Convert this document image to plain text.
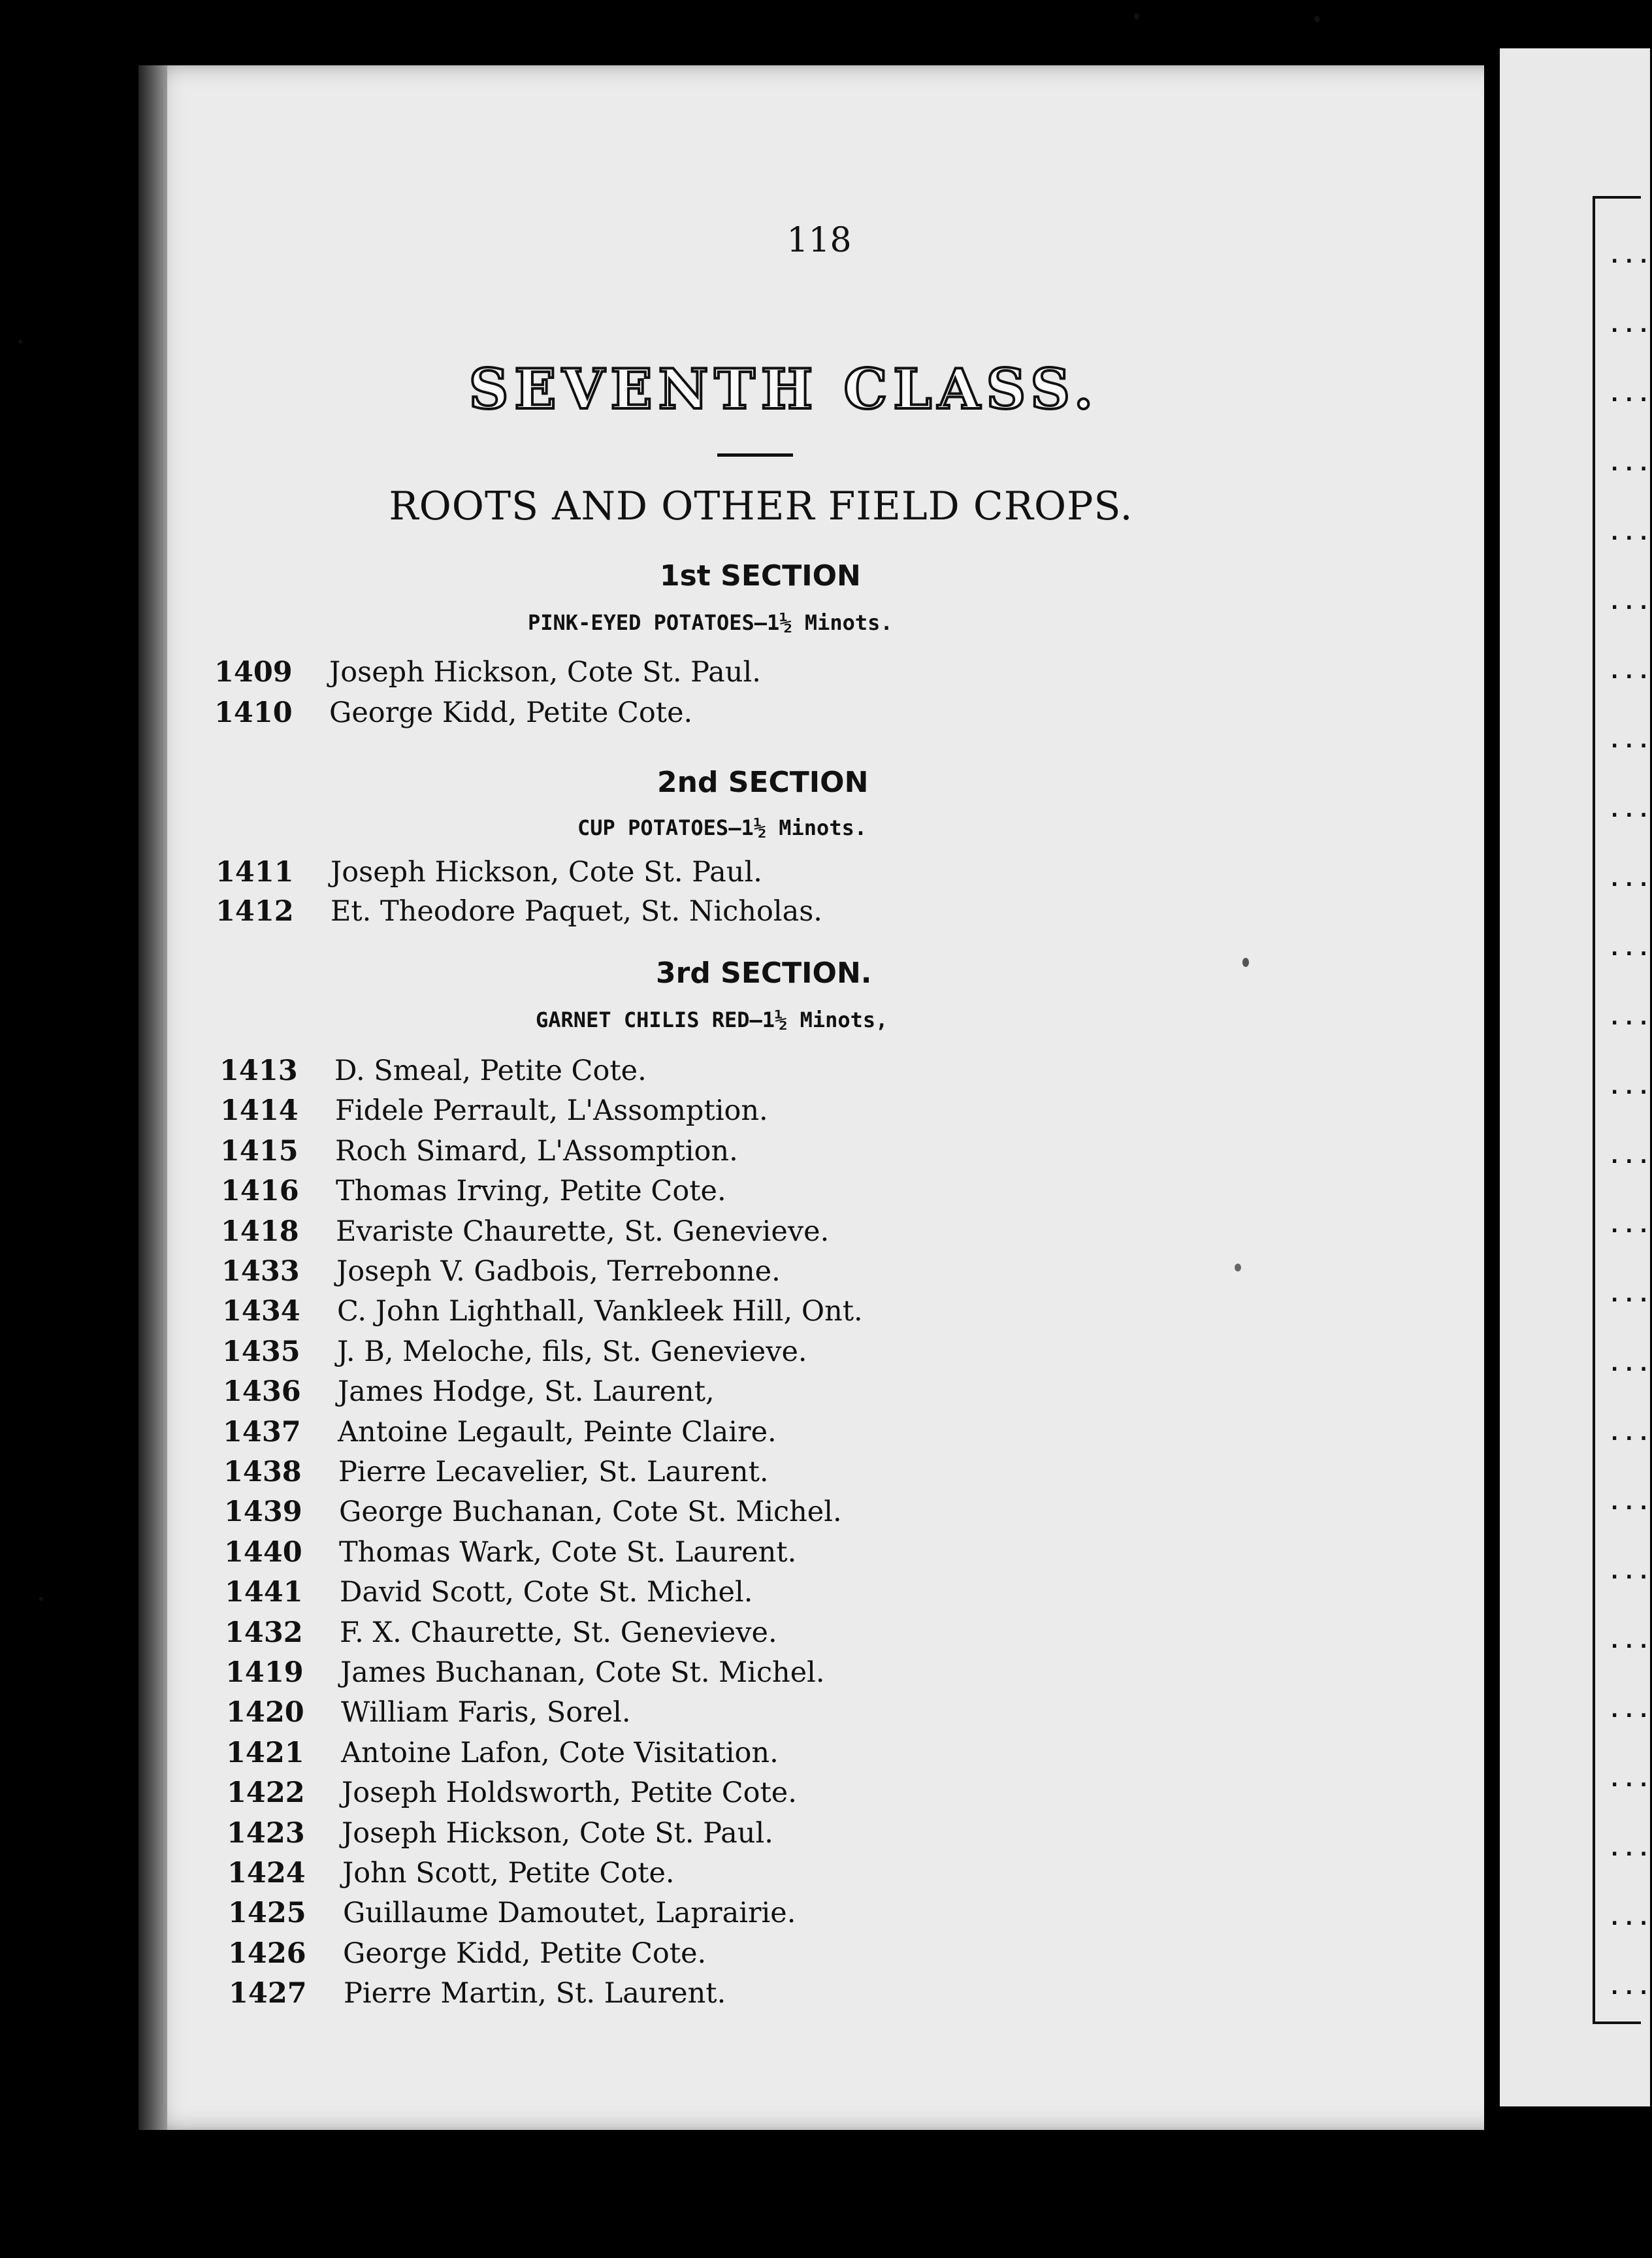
...
...
...
...
...
...
...
...
...
...
...
...
...
...
...
...
...
...
...
...
...
...
...
...
...
...
118
SEVENTH CLASS.
ROOTS AND OTHER FIELD CROPS.
1st SECTION
PINK-EYED POTATOES—1½ Minots.
1409 Joseph Hickson, Cote St. Paul.
1410 George Kidd, Petite Cote.
2nd SECTION
CUP POTATOES—1½ Minots.
1411 Joseph Hickson, Cote St. Paul.
1412 Et. Theodore Paquet, St. Nicholas.
3rd SECTION.
GARNET CHILIS RED—1½ Minots,
1413 D. Smeal, Petite Cote.
1414 Fidele Perrault, L'Assomption.
1415 Roch Simard, L'Assomption.
1416 Thomas Irving, Petite Cote.
1418 Evariste Chaurette, St. Genevieve.
1433 Joseph V. Gadbois, Terrebonne.
1434 C. John Lighthall, Vankleek Hill, Ont.
1435 J. B, Meloche, fils, St. Genevieve.
1436 James Hodge, St. Laurent,
1437 Antoine Legault, Peinte Claire.
1438 Pierre Lecavelier, St. Laurent.
1439 George Buchanan, Cote St. Michel.
1440 Thomas Wark, Cote St. Laurent.
1441 David Scott, Cote St. Michel.
1432 F. X. Chaurette, St. Genevieve.
1419 James Buchanan, Cote St. Michel.
1420 William Faris, Sorel.
1421 Antoine Lafon, Cote Visitation.
1422 Joseph Holdsworth, Petite Cote.
1423 Joseph Hickson, Cote St. Paul.
1424 John Scott, Petite Cote.
1425 Guillaume Damoutet, Laprairie.
1426 George Kidd, Petite Cote.
1427 Pierre Martin, St. Laurent.
